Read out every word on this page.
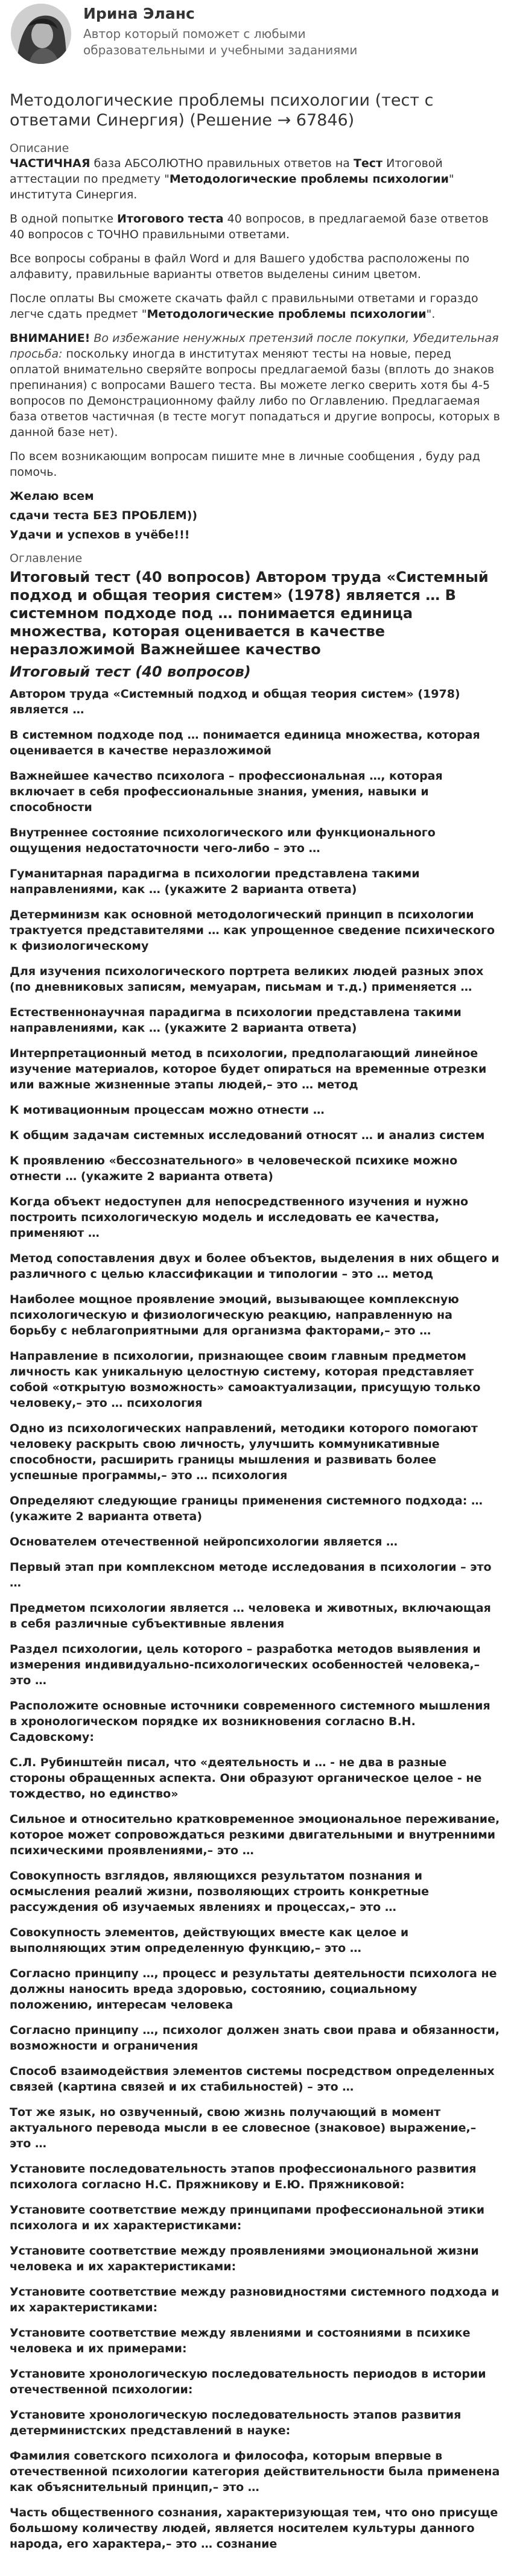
Ирина Эланс
Автор который поможет с любыми образовательными и учебными заданиями
Методологические проблемы психологии (тест с ответами Синергия) (Решение → 67846)
Описание

ЧАСТИЧНАЯ база АБСОЛЮТНО правильных ответов на Тест Итоговой аттестации по предмету "Методологические проблемы психологии" института Синергия.

В одной попытке Итогового теста 40 вопросов, в предлагаемой базе ответов 40 вопросов с ТОЧНО правильными ответами.

Все вопросы собраны в файл Word и для Вашего удобства расположены по алфавиту, правильные варианты ответов выделены синим цветом.

После оплаты Вы сможете скачать файл с правильными ответами и гораздо легче сдать предмет "Методологические проблемы психологии".

ВНИМАНИЕ! Во избежание ненужных претензий после покупки, Убедительная просьба: поскольку иногда в институтах меняют тесты на новые, перед оплатой внимательно сверяйте вопросы предлагаемой базы (вплоть до знаков препинания) с вопросами Вашего теста. Вы можете легко сверить хотя бы 4-5 вопросов по Демонстрационному файлу либо по Оглавлению. Предлагаемая база ответов частичная (в тесте могут попадаться и другие вопросы, которых в данной базе нет).

По всем возникающим вопросам пишите мне в личные сообщения , буду рад помочь.

Желаю всем

сдачи теста БЕЗ ПРОБЛЕМ))

Удачи и успехов в учёбе!!!

Оглавление
Итоговый тест (40 вопросов) Автором труда «Системный подход и общая теория систем» (1978) является … В системном подходе под … понимается единица множества, которая оценивается в качестве неразложимой Важнейшее качество
Итоговый тест (40 вопросов)

Автором труда «Системный подход и общая теория систем» (1978) является …

В системном подходе под … понимается единица множества, которая оценивается в качестве неразложимой

Важнейшее качество психолога – профессиональная …, которая включает в себя профессиональные знания, умения, навыки и способности

Внутреннее состояние психологического или функционального ощущения недостаточности чего-либо – это …

Гуманитарная парадигма в психологии представлена такими направлениями, как … (укажите 2 варианта ответа)

Детерминизм как основной методологический принцип в психологии трактуется представителями … как упрощенное сведение психического к физиологическому

Для изучения психологического портрета великих людей разных эпох (по дневниковых записям, мемуарам, письмам и т.д.) применяется …

Естественнонаучная парадигма в психологии представлена такими направлениями, как … (укажите 2 варианта ответа)

Интерпретационный метод в психологии, предполагающий линейное изучение материалов, которое будет опираться на временные отрезки или важные жизненные этапы людей,– это … метод

К мотивационным процессам можно отнести …

К общим задачам системных исследований относят … и анализ систем

К проявлению «бессознательного» в человеческой психике можно отнести … (укажите 2 варианта ответа)

Когда объект недоступен для непосредственного изучения и нужно построить психологическую модель и исследовать ее качества, применяют …

Метод сопоставления двух и более объектов, выделения в них общего и различного с целью классификации и типологии – это … метод

Наиболее мощное проявление эмоций, вызывающее комплексную психологическую и физиологическую реакцию, направленную на борьбу с неблагоприятными для организма факторами,– это …

Направление в психологии, признающее своим главным предметом личность как уникальную целостную систему, которая представляет собой «открытую возможность» самоактуализации, присущую только человеку,– это … психология

Одно из психологических направлений, методики которого помогают человеку раскрыть свою личность, улучшить коммуникативные способности, расширить границы мышления и развивать более успешные программы,– это … психология

Определяют следующие границы применения системного подхода: … (укажите 2 варианта ответа)

Основателем отечественной нейропсихологии является …

Первый этап при комплексном методе исследования в психологии – это …

Предметом психологии является … человека и животных, включающая в себя различные субъективные явления

Раздел психологии, цель которого – разработка методов выявления и измерения индивидуально-психологических особенностей человека,– это …

Расположите основные источники современного системного мышления в хронологическом порядке их возникновения согласно В.Н. Садовскому:

С.Л. Рубинштейн писал, что «деятельность и … - не два в разные стороны обращенных аспекта. Они образуют органическое целое - не тождество, но единство»

Сильное и относительно кратковременное эмоциональное переживание, которое может сопровождаться резкими двигательными и внутренними психическими проявлениями,– это …

Совокупность взглядов, являющихся результатом познания и осмысления реалий жизни, позволяющих строить конкретные рассуждения об изучаемых явлениях и процессах,– это …

Совокупность элементов, действующих вместе как целое и выполняющих этим определенную функцию,– это …

Согласно принципу …, процесс и результаты деятельности психолога не должны наносить вреда здоровью, состоянию, социальному положению, интересам человека

Согласно принципу …, психолог должен знать свои права и обязанности, возможности и ограничения

Способ взаимодействия элементов системы посредством определенных связей (картина связей и их стабильностей) – это …

Тот же язык, но озвученный, свою жизнь получающий в момент актуального перевода мысли в ее словесное (знаковое) выражение,– это …

Установите последовательность этапов профессионального развития психолога согласно Н.С. Пряжникову и Е.Ю. Пряжниковой:

Установите соответствие между принципами профессиональной этики психолога и их характеристиками:

Установите соответствие между проявлениями эмоциональной жизни человека и их характеристиками:

Установите соответствие между разновидностями системного подхода и их характеристиками:

Установите соответствие между явлениями и состояниями в психике человека и их примерами:

Установите хронологическую последовательность периодов в истории отечественной психологии:

Установите хронологическую последовательность этапов развития детерминистских представлений в науке:

Фамилия советского психолога и философа, которым впервые в отечественной психологии категория действительности была применена как объяснительный принцип,– это …

Часть общественного сознания, характеризующая тем, что оно присуще большому количеству людей, является носителем культуры данного народа, его характера,– это … сознание
